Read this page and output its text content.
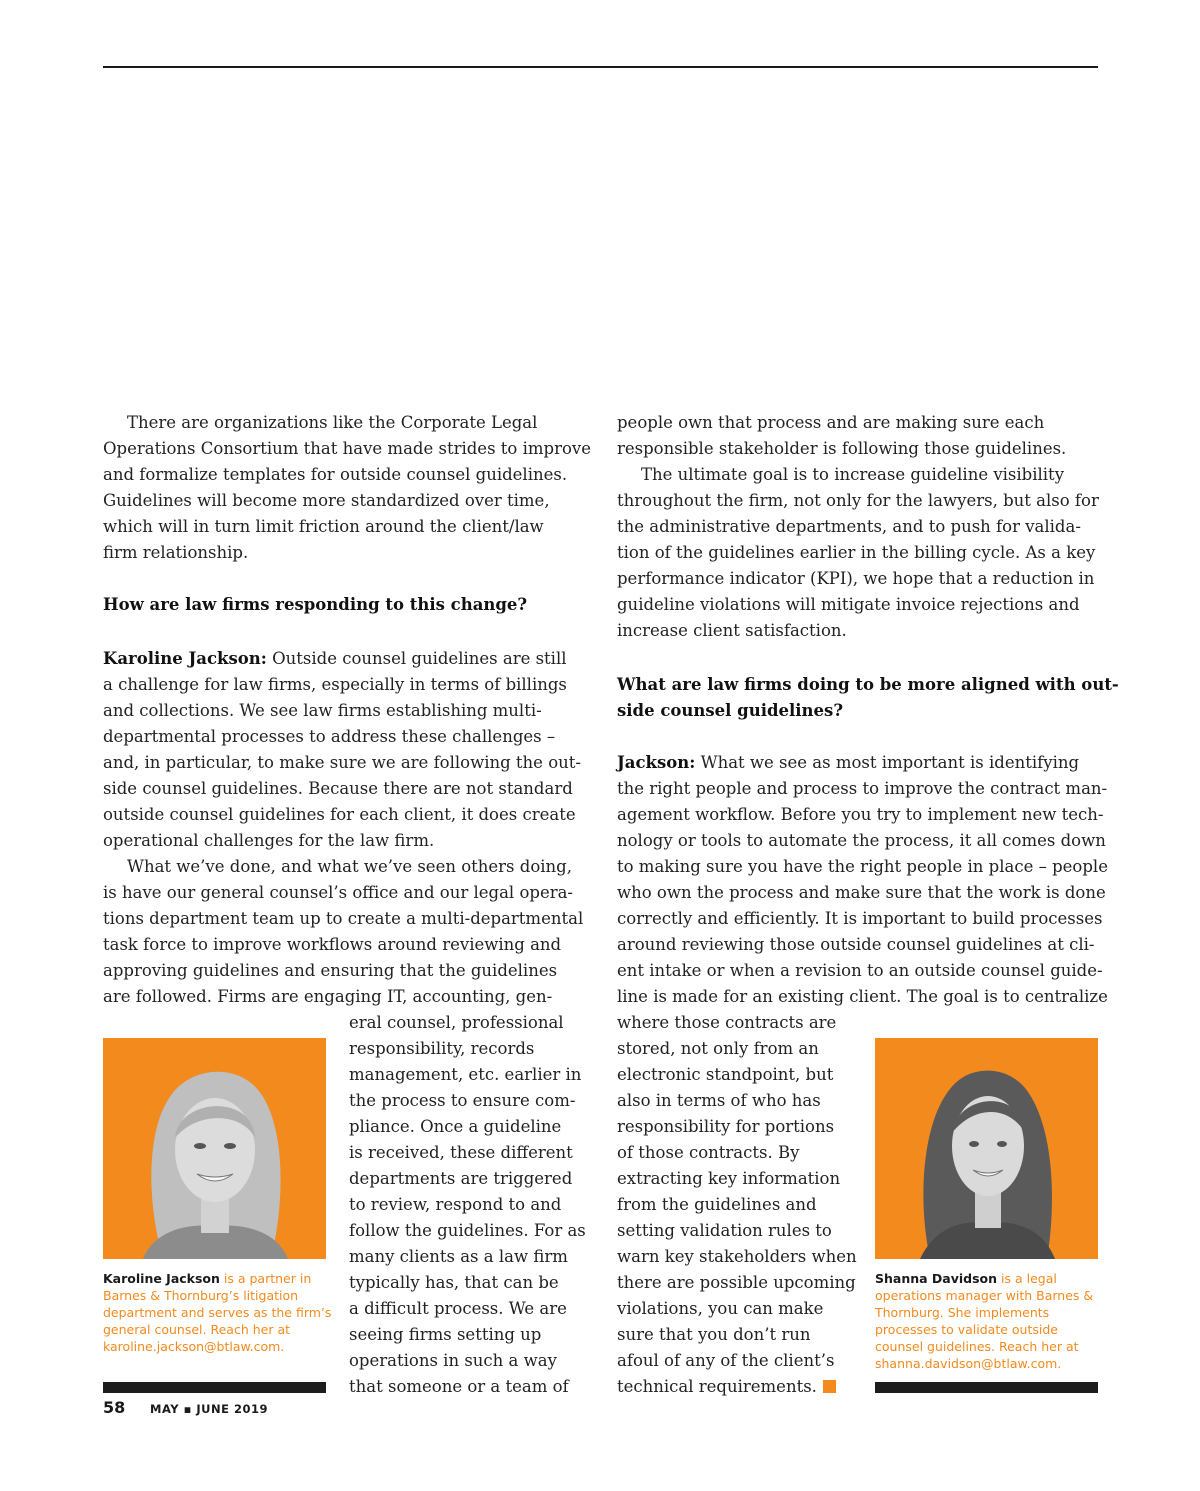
There are organizations like the Corporate Legal

Operations Consortium that have made strides to improve

and formalize templates for outside counsel guidelines.

Guidelines will become more standardized over time,

which will in turn limit friction around the client/law

firm relationship.

How are law firms responding to this change?

Karoline Jackson: Outside counsel guidelines are still

a challenge for law firms, especially in terms of billings

and collections. We see law firms establishing multi-

departmental processes to address these challenges –

and, in particular, to make sure we are following the out-

side counsel guidelines. Because there are not standard

outside counsel guidelines for each client, it does create

operational challenges for the law firm.

What we’ve done, and what we’ve seen others doing,

is have our general counsel’s office and our legal opera-

tions department team up to create a multi-departmental

task force to improve workflows around reviewing and

approving guidelines and ensuring that the guidelines

are followed. Firms are engaging IT, accounting, gen-

eral counsel, professional

responsibility, records

management, etc. earlier in

the process to ensure com-

pliance. Once a guideline

is received, these different

departments are triggered

to review, respond to and

follow the guidelines. For as

many clients as a law firm

typically has, that can be

a difficult process. We are

seeing firms setting up

operations in such a way

that someone or a team of

Karoline Jackson is a partner in Barnes & Thornburg’s litigation department and serves as the firm’s general counsel. Reach her at karoline.jackson@btlaw.com.

people own that process and are making sure each

responsible stakeholder is following those guidelines.

The ultimate goal is to increase guideline visibility

throughout the firm, not only for the lawyers, but also for

the administrative departments, and to push for valida-

tion of the guidelines earlier in the billing cycle. As a key

performance indicator (KPI), we hope that a reduction in

guideline violations will mitigate invoice rejections and

increase client satisfaction.

What are law firms doing to be more aligned with out-

side counsel guidelines?

Jackson: What we see as most important is identifying

the right people and process to improve the contract man-

agement workflow. Before you try to implement new tech-

nology or tools to automate the process, it all comes down

to making sure you have the right people in place – people

who own the process and make sure that the work is done

correctly and efficiently. It is important to build processes

around reviewing those outside counsel guidelines at cli-

ent intake or when a revision to an outside counsel guide-

line is made for an existing client. The goal is to centralize

where those contracts are

stored, not only from an

electronic standpoint, but

also in terms of who has

responsibility for portions

of those contracts. By

extracting key information

from the guidelines and

setting validation rules to

warn key stakeholders when

there are possible upcoming

violations, you can make

sure that you don’t run

afoul of any of the client’s

technical requirements.

Shanna Davidson is a legal operations manager with Barnes & Thornburg. She implements processes to validate outside counsel guidelines. Reach her at shanna.davidson@btlaw.com.

58 MAY ▪ JUNE 2019
